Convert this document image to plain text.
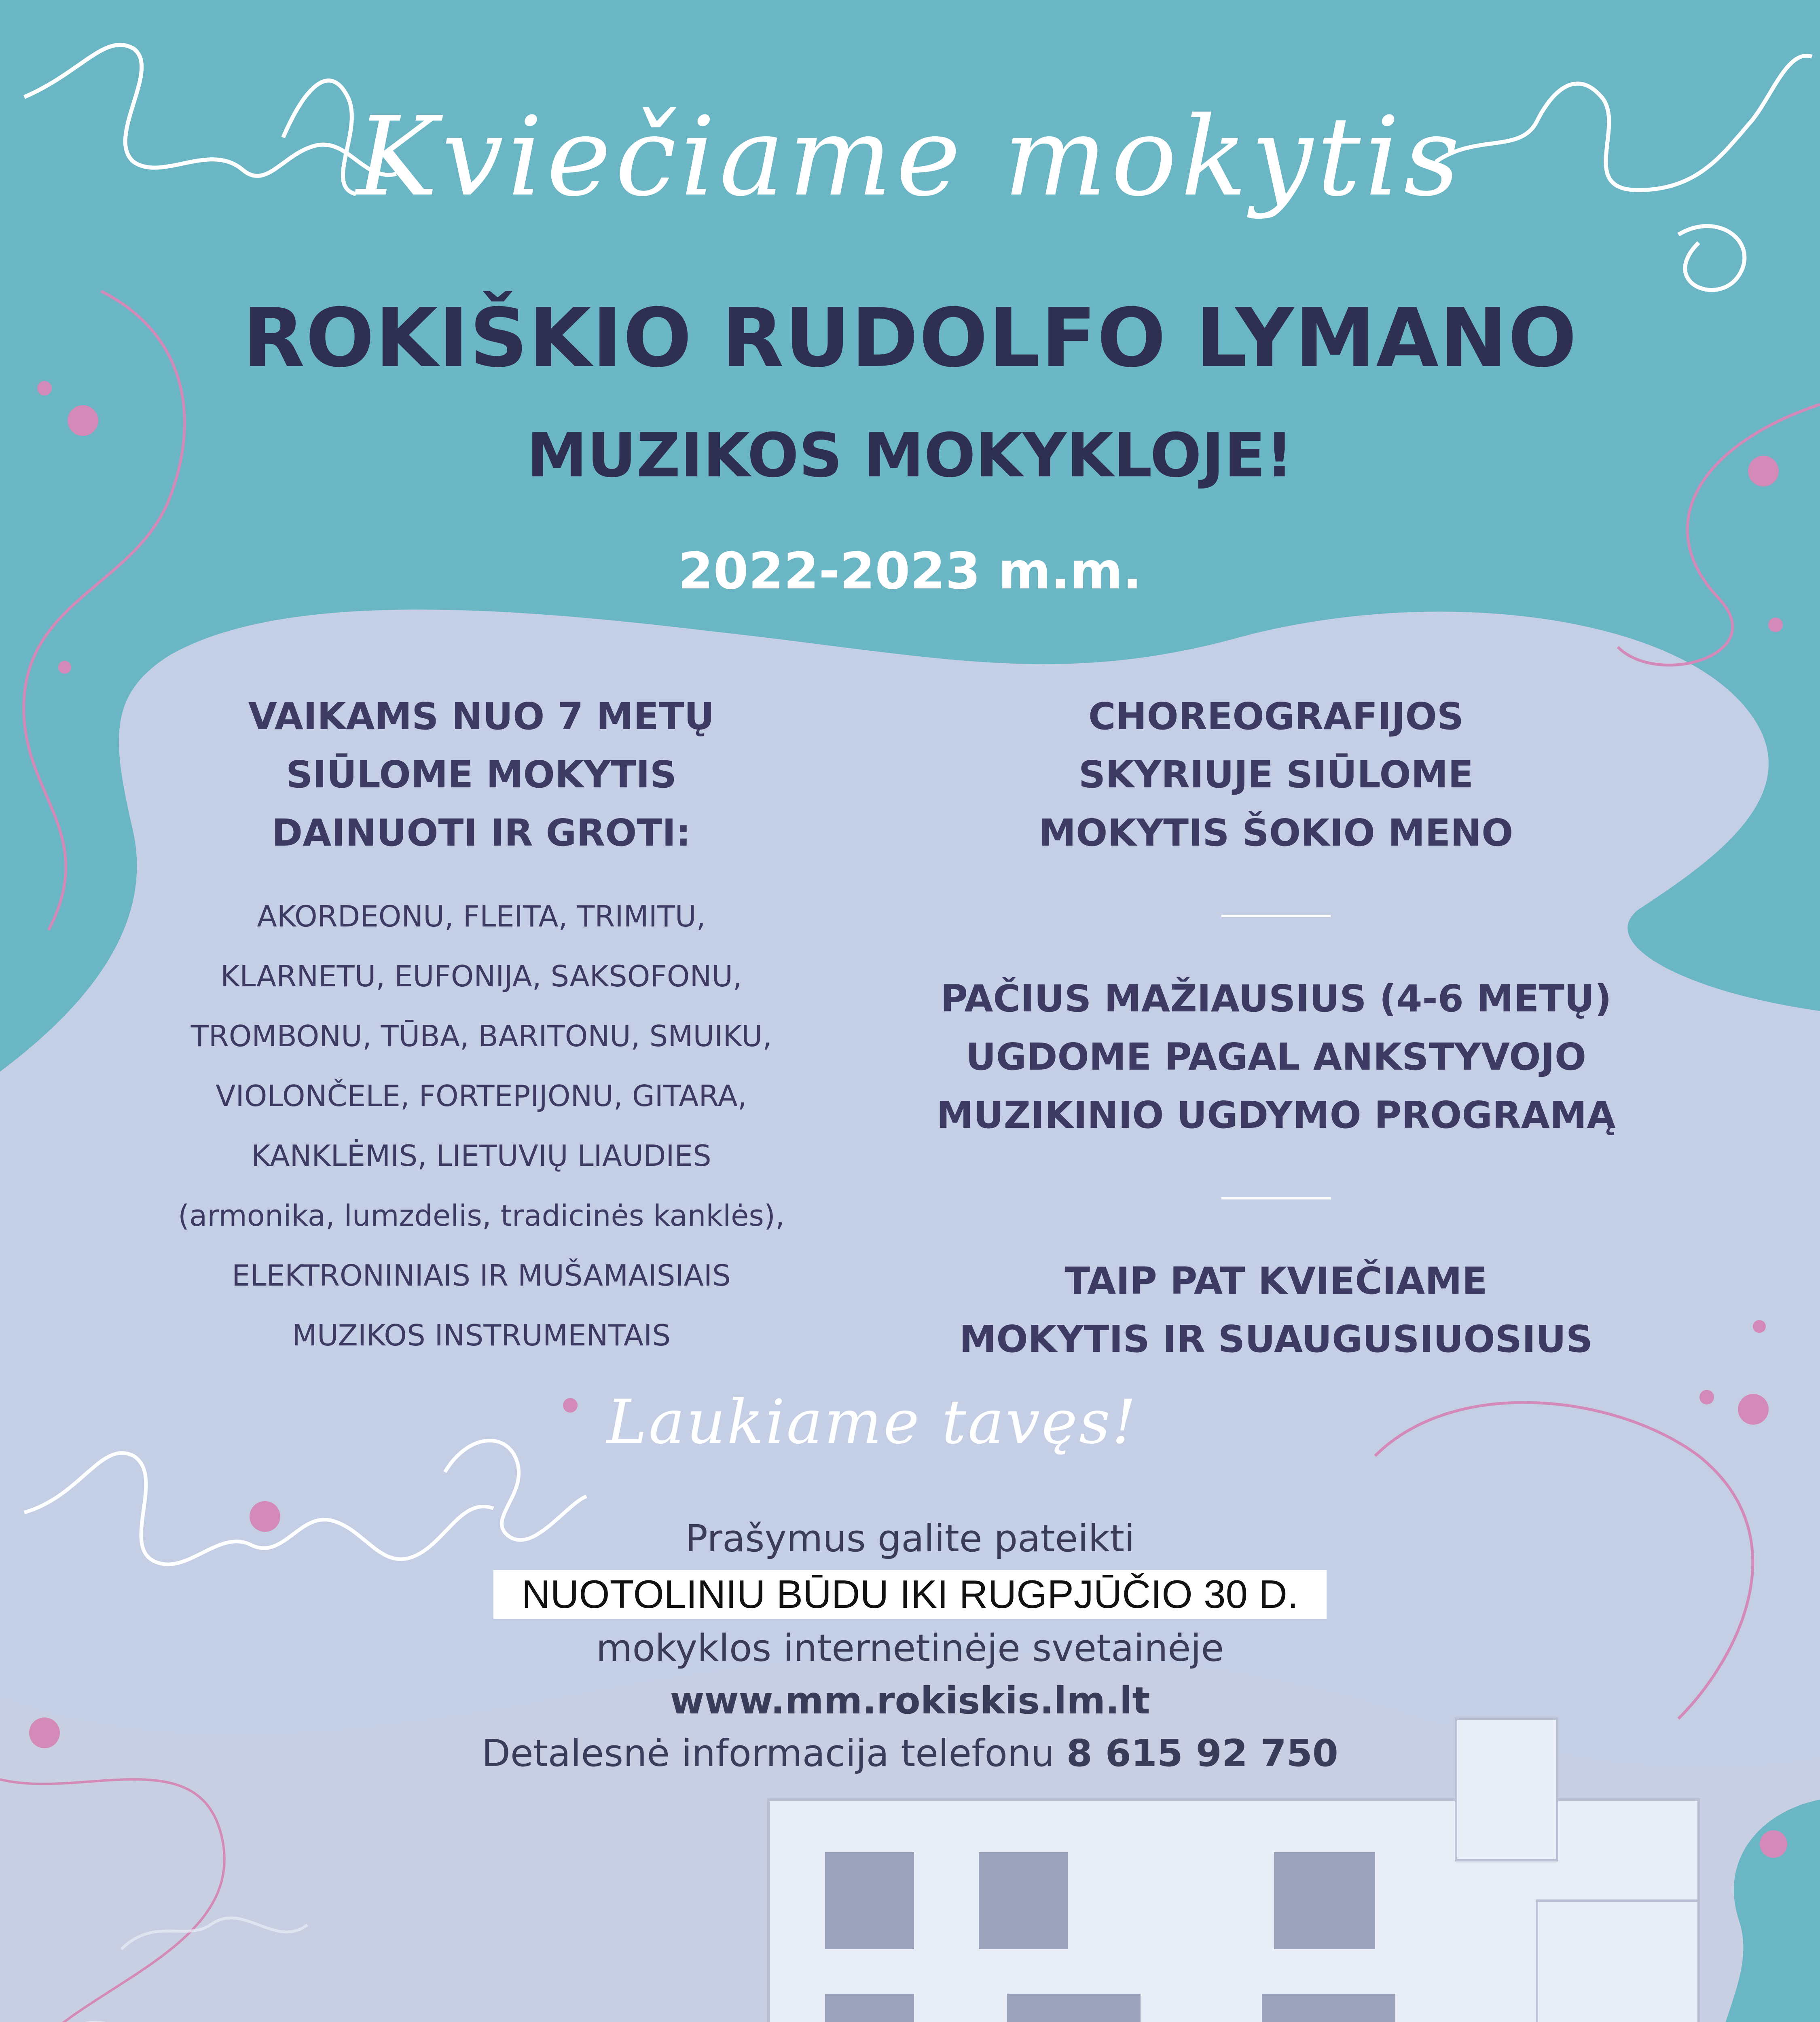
Kviečiame mokytis
ROKIŠKIO RUDOLFO LYMANO
MUZIKOS MOKYKLOJE!
2022-2023 m.m.

VAIKAMS NUO 7 METŲ

SIŪLOME MOKYTIS

DAINUOTI IR GROTI:

AKORDEONU, FLEITA, TRIMITU,

KLARNETU, EUFONIJA, SAKSOFONU,

TROMBONU, TŪBA, BARITONU, SMUIKU,

VIOLONČELE, FORTEPIJONU, GITARA,

KANKLĖMIS, LIETUVIŲ LIAUDIES

(armonika, lumzdelis, tradicinės kanklės),

ELEKTRONINIAIS IR MUŠAMAISIAIS

MUZIKOS INSTRUMENTAIS

CHOREOGRAFIJOS

SKYRIUJE SIŪLOME

MOKYTIS ŠOKIO MENO

PAČIUS MAŽIAUSIUS (4-6 METŲ)

UGDOME PAGAL ANKSTYVOJO

MUZIKINIO UGDYMO PROGRAMĄ

TAIP PAT KVIEČIAME

MOKYTIS IR SUAUGUSIUOSIUS

Laukiame tavęs!

Prašymus galite pateikti

NUOTOLINIU BŪDU IKI RUGPJŪČIO 30 D.

mokyklos internetinėje svetainėje

www.mm.rokiskis.lm.lt

Detalesnė informacija telefonu 8 615 92 750
